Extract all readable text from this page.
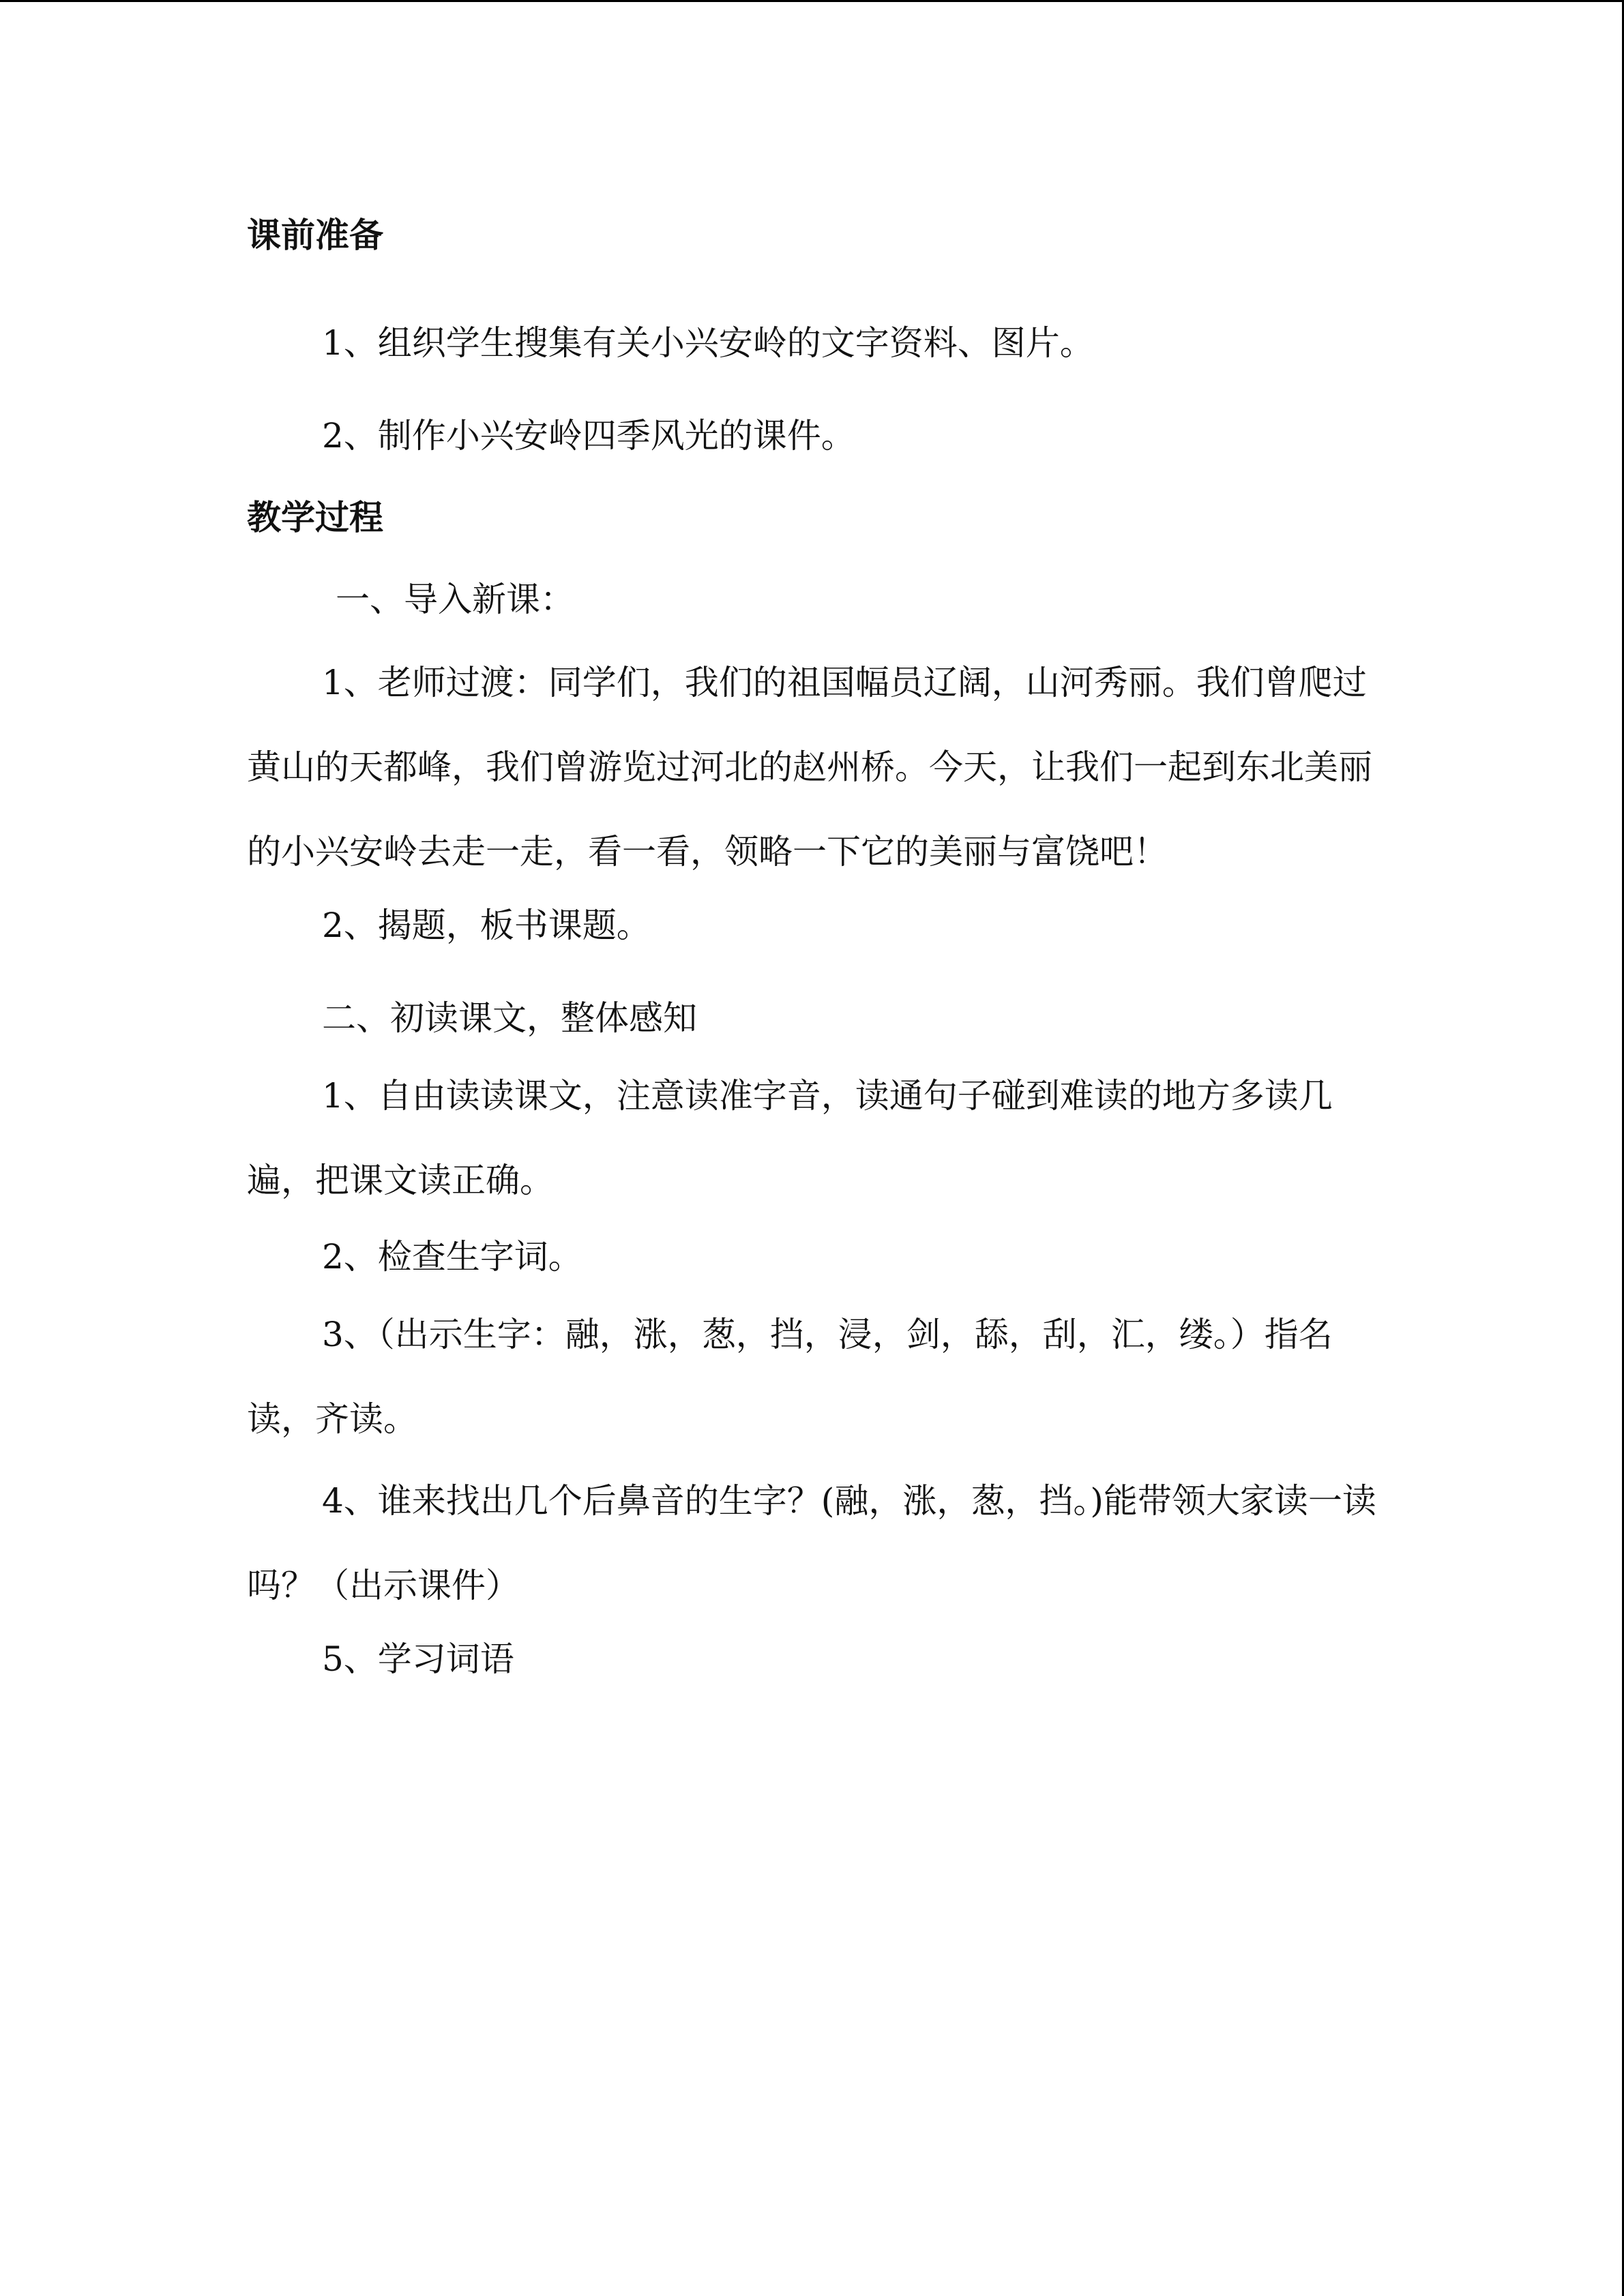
课前准备

1、组织学生搜集有关小兴安岭的文字资料、图片。

2、制作小兴安岭四季风光的课件。

教学过程

一、导入新课：

1、老师过渡：同学们，我们的祖国幅员辽阔，山河秀丽。我们曾爬过黄山的天都峰，我们曾游览过河北的赵州桥。今天，让我们一起到东北美丽的小兴安岭去走一走，看一看，领略一下它的美丽与富饶吧！

2、揭题，板书课题。

二、初读课文，整体感知

1、自由读读课文，注意读准字音，读通句子碰到难读的地方多读几遍，把课文读正确。

2、检查生字词。

3、（出示生字：融，涨，葱，挡，浸，剑，舔，刮，汇，缕。）指名读，齐读。

4、谁来找出几个后鼻音的生字？(融，涨，葱，挡。)能带领大家读一读吗？（出示课件）

5、学习词语
